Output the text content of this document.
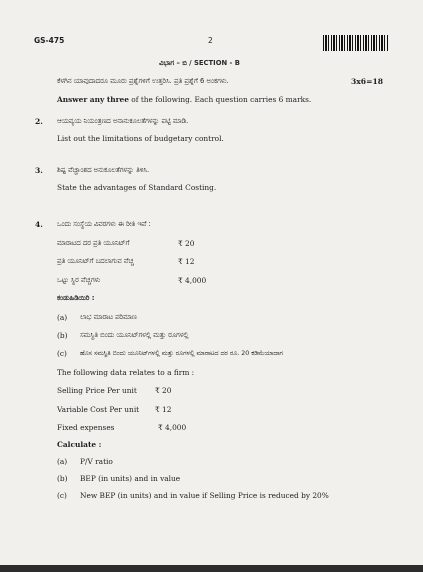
GS-475	2
ವಿಭಾಗ – ಬಿ / SECTION - B
ಕೆಳಗಿನ ಯಾವುದಾದರೂ ಮೂರು ಪ್ರಶ್ನೆಗಳಿಗೆ ಉತ್ತರಿಸಿ. ಪ್ರತಿ ಪ್ರಶ್ನೆಗೆ 6 ಅಂಕಗಳು.	3x6=18
Answer any three of the following. Each question carries 6 marks.
2. ಆಯವ್ಯಯ ನಿಯಂತ್ರಣದ ಅನಾನುಕೂಲತೆಗಳನ್ನು ಪಟ್ಟಿ ಮಾಡಿ.
List out the limitations of budgetary control.
3. ಶಿಷ್ಟ ವೆಚ್ಚಾಂಶದ ಅನುಕೂಲತೆಗಳನ್ನು ತಿಳಿಸಿ.
State the advantages of Standard Costing.
4. ಒಂದು ಸಂಸ್ಥೆಯ ವಿವರಗಳು ಈ ರೀತಿ ಇವೆ :
ಮಾರಾಟದ ದರ ಪ್ರತಿ ಯೂನಿಟ್‌ಗೆ	₹ 20
ಪ್ರತಿ ಯೂನಿಟ್‌ಗೆ ಬದಲಾಗುವ ವೆಚ್ಚ	₹ 12
ಒಟ್ಟು ಸ್ಥಿರ ವೆಚ್ಚಗಳು	₹ 4,000
ಕಂಡುಹಿಡಿಯಿರಿ :
(a) ಲಾಭ ಮಾರಾಟ ಪರಿಮಾಣ
(b) ಸಮಸ್ಥಿತಿ ಬಿಂದು ಯೂನಿಟ್‌ಗಳಲ್ಲಿ ಮತ್ತು ರೂಗಳಲ್ಲಿ
(c) ಹೊಸ ಸಮಸ್ಥಿತಿ ಬಿಂದು ಯೂನಿಟ್‌ಗಳಲ್ಲಿ ಮತ್ತು ರೂಗಳಲ್ಲಿ ಮಾರಾಟದ ದರ ರೂ. 20 ಕಡಿಮೆಯಾದಾಗ
The following data relates to a firm :
Selling Price Per unit ₹ 20
Variable Cost Per unit ₹ 12
Fixed expenses	₹ 4,000
Calculate :
(a) P/V ratio
(b) BEP (in units) and in value
(c) New BEP (in units) and in value if Selling Price is reduced by 20%
